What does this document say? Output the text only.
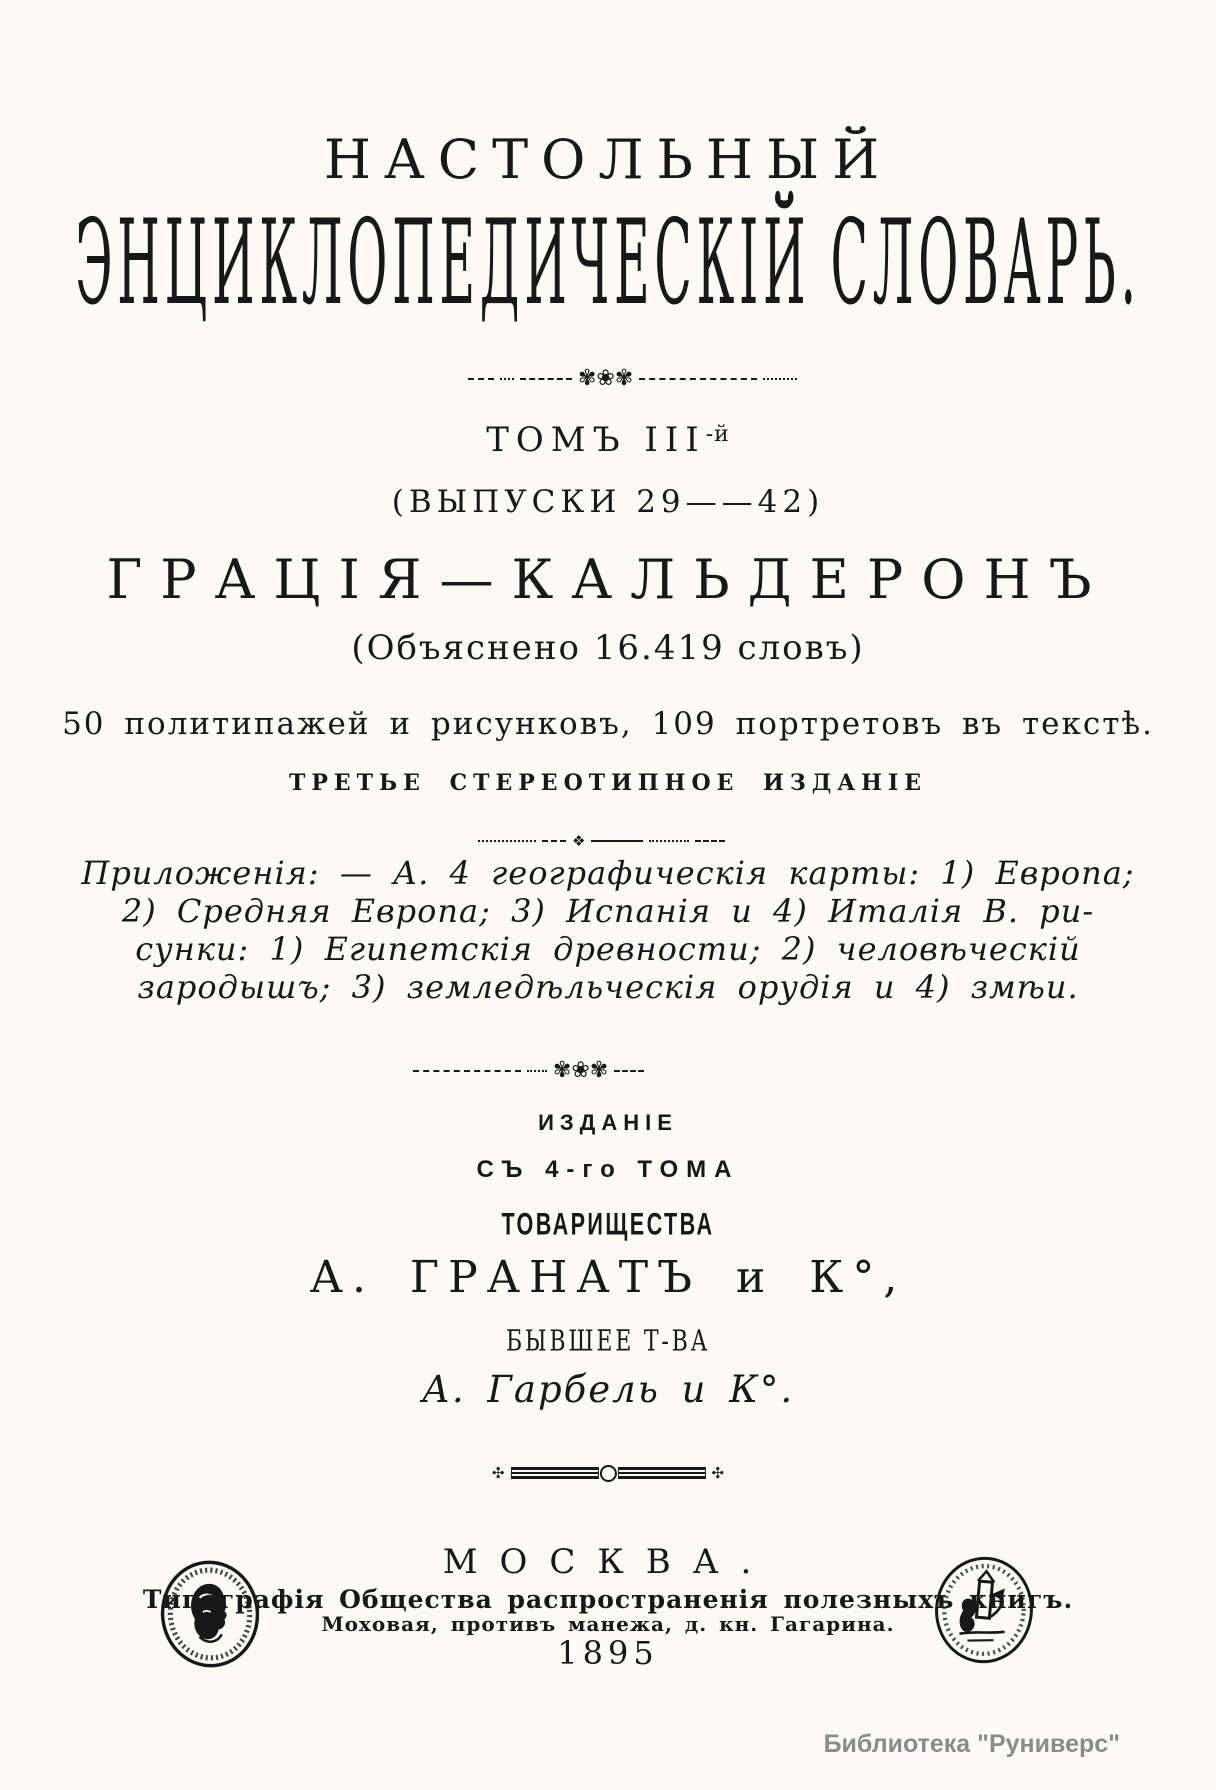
НАСТОЛЬНЫЙ
ЭНЦИКЛОПЕДИЧЕСКІЙ СЛОВАРЬ.
✾❀✾
ТОМЪ $III^{-й}$
(ВЫПУСКИ 29——42)
ГРАЦІЯ—КАЛЬДЕРОНЪ
(Объяснено 16.419 словъ)
50 политипажей и рисунковъ, 109 портретовъ въ текстѣ.
ТРЕТЬЕ СТЕРЕОТИПНОЕ ИЗДАНІЕ
❖
Приложенія: — А. 4 географическія карты: 1) Европа;
2) Средняя Европа; 3) Испанія и 4) Италія В. ри-
сунки: 1) Египетскія древности; 2) человѣческій
зародышъ; 3) земледѣльческія орудія и 4) змѣи.
✾❀✾
ИЗДАНІЕ
СЪ 4-го ТОМА
ТОВАРИЩЕСТВА
А. ГРАНАТЪ и К°,
БЫВШЕЕ Т-ВА
А. Гарбель и К°.
✣	✣
МОСКВА.
Типографія Общества распространенія полезныхъ книгъ.
Моховая, противъ манежа, д. кн. Гагарина.
1895
Библиотека "Руниверс"
